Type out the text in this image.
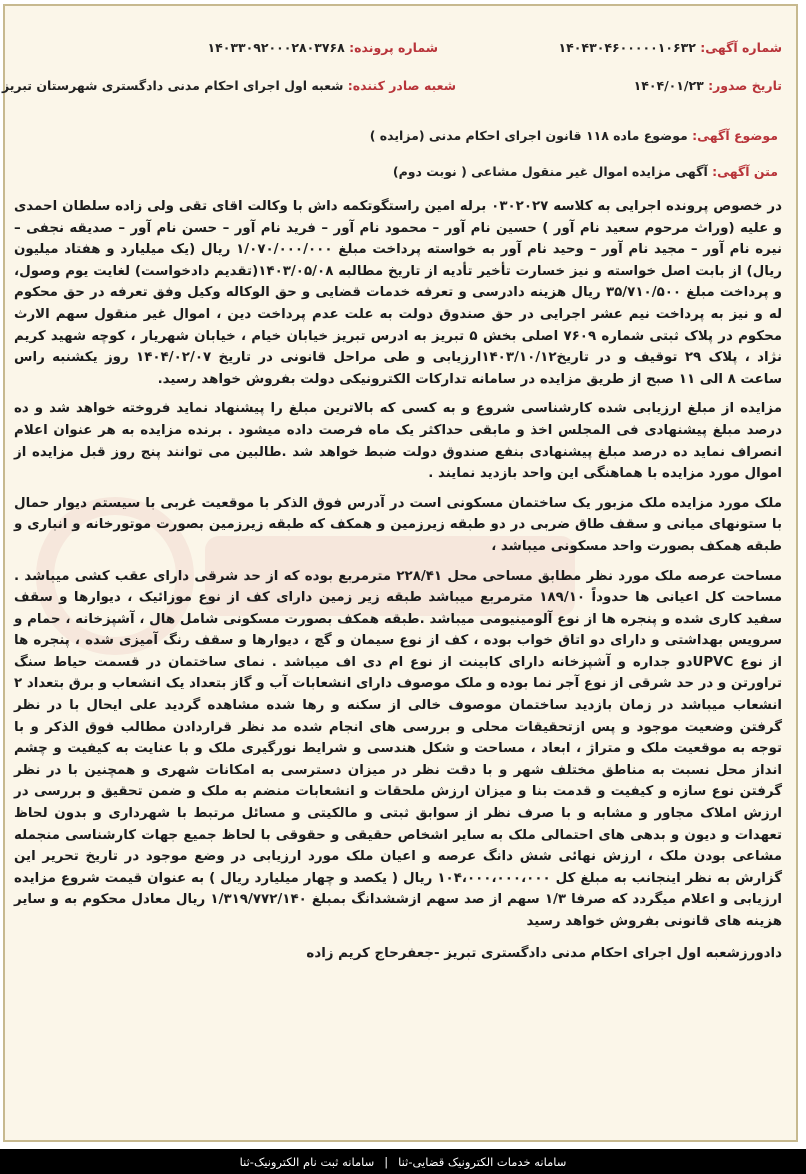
شماره آگهی: ۱۴۰۴۳۰۴۶۰۰۰۰۰۱۰۶۳۲
شماره پرونده: ۱۴۰۳۳۰۹۲۰۰۰۲۸۰۳۷۶۸
تاریخ صدور: ۱۴۰۴/۰۱/۲۳
شعبه صادر کننده: شعبه اول اجرای احکام مدنی دادگستری شهرستان تبریز
موضوع آگهی: موضوع ماده ۱۱۸ قانون اجرای احکام مدنی (مزایده )
متن آگهی: آگهی مزایده اموال غیر منقول مشاعی ( نوبت دوم)

در خصوص پرونده اجرایی به کلاسه ۰۳۰۲۰۲۷ برله امین راستگوتکمه داش با وکالت اقای تقی ولی زاده سلطان احمدی و علیه (وراث مرحوم سعید نام آور ) حسین نام آور – محمود نام آور – فرید نام آور – حسن نام آور – صدیقه نجفی – نیره نام آور – مجید نام آور – وحید نام آور به خواسته پرداخت مبلغ ۱/۰۷۰/۰۰۰/۰۰۰ ریال (یک میلیارد و هفتاد میلیون ریال) از بابت اصل خواسته و نیز خسارت تأخیر تأدیه از تاریخ مطالبه ۱۴۰۳/۰۵/۰۸(تقدیم دادخواست) لغایت یوم وصول، و پرداخت مبلغ ۳۵/۷۱۰/۵۰۰ ریال هزینه دادرسی و تعرفه خدمات قضایی و حق الوکاله وکیل وفق تعرفه در حق محکوم له و نیز به پرداخت نیم عشر اجرایی در حق صندوق دولت به علت عدم پرداخت دین ، اموال غیر منقول سهم الارث محکوم در پلاک ثبتی شماره ۷۶۰۹ اصلی بخش ۵ تبریز به ادرس تبریز خیابان خیام ، خیابان شهریار ، کوچه شهید کریم نژاد ، پلاک ۲۹ توقیف و در تاریخ۱۴۰۳/۱۰/۱۲ارزیابی و طی مراحل قانونی در تاریخ ۱۴۰۴/۰۲/۰۷ روز یکشنبه راس ساعت ۸ الی ۱۱ صبح از طریق مزایده در سامانه تدارکات الکترونیکی دولت بفروش خواهد رسید.

مزایده از مبلغ ارزیابی شده کارشناسی شروع و به کسی که بالاترین مبلغ را پیشنهاد نماید فروخته خواهد شد و ده درصد مبلغ پیشنهادی فی المجلس اخذ و مابقی حداکثر یک ماه فرصت داده میشود . برنده مزایده به هر عنوان اعلام انصراف نماید ده درصد مبلغ پیشنهادی بنفع صندوق دولت ضبط خواهد شد .طالبین می توانند پنج روز قبل مزایده از اموال مورد مزایده با هماهنگی این واحد بازدید نمایند .

ملک مورد مزایده ملک مزبور یک ساختمان مسکونی است در آدرس فوق الذکر با موقعیت غربی با سیستم دیوار حمال با ستونهای میانی و سقف طاق ضربی در دو طبقه زیرزمین و همکف که طبقه زیرزمین بصورت موتورخانه و انباری و طبقه همکف بصورت واحد مسکونی میباشد ،

مساحت عرصه ملک مورد نظر مطابق مساحی محل ۲۲۸/۴۱ مترمربع بوده که از حد شرقی دارای عقب کشی میباشد . مساحت کل اعیانی ها حدوداً ۱۸۹/۱۰ مترمربع میباشد طبقه زیر زمین دارای کف از نوع موزائیک ، دیوارها و سقف سفید کاری شده و پنجره ها از نوع آلومینیومی میباشد .طبقه همکف بصورت مسکونی شامل هال ، آشپزخانه ، حمام و سرویس بهداشتی و دارای دو اتاق خواب بوده ، کف از نوع سیمان و گچ ، دیوارها و سقف رنگ آمیزی شده ، پنجره ها از نوع UPVCدو جداره و آشپزخانه دارای کابینت از نوع ام دی اف میباشد . نمای ساختمان در قسمت حیاط سنگ تراورتن و در حد شرقی از نوع آجر نما بوده و ملک موصوف دارای انشعابات آب و گاز بتعداد یک انشعاب و برق بتعداد ۲ انشعاب میباشد در زمان بازدید ساختمان موصوف خالی از سکنه و رها شده مشاهده گردید علی ایحال با در نظر گرفتن وضعیت موجود و پس ازتحقیقات محلی و بررسی های انجام شده مد نظر قراردادن مطالب فوق الذکر و با توجه به موقعیت ملک و متراژ ، ابعاد ، مساحت و شکل هندسی و شرایط نورگیری ملک و با عنایت به کیفیت و چشم انداز محل نسبت به مناطق مختلف شهر و با دقت نظر در میزان دسترسی به امکانات شهری و همچنین با در نظر گرفتن نوع سازه و کیفیت و قدمت بنا و میزان ارزش ملحقات و انشعابات منضم به ملک و ضمن تحقیق و بررسی در ارزش املاک مجاور و مشابه و با صرف نظر از سوابق ثبتی و مالکیتی و مسائل مرتبط با شهرداری و بدون لحاظ تعهدات و دیون و بدهی های احتمالی ملک به سایر اشخاص حقیقی و حقوقی با لحاظ جمیع جهات کارشناسی منجمله مشاعی بودن ملک ، ارزش نهائی شش دانگ عرصه و اعیان ملک مورد ارزیابی در وضع موجود در تاریخ تحریر این گزارش به نظر اینجانب به مبلغ کل ۱۰۴،۰۰۰،۰۰۰،۰۰۰ ریال ( یکصد و چهار میلیارد ریال ) به عنوان قیمت شروع مزایده ارزیابی و اعلام میگردد که صرفا ۱/۳ سهم از صد سهم ازششدانگ بمبلغ ۱/۳۱۹/۷۷۲/۱۴۰ ریال معادل محکوم به و سایر هزینه های قانونی بفروش خواهد رسید

دادورزشعبه اول اجرای احکام مدنی دادگستری تبریز -جعفرحاج کریم زاده

سامانه خدمات الکترونیک قضایی-ثنا
|
سامانه ثبت نام الکترونیک-ثنا
